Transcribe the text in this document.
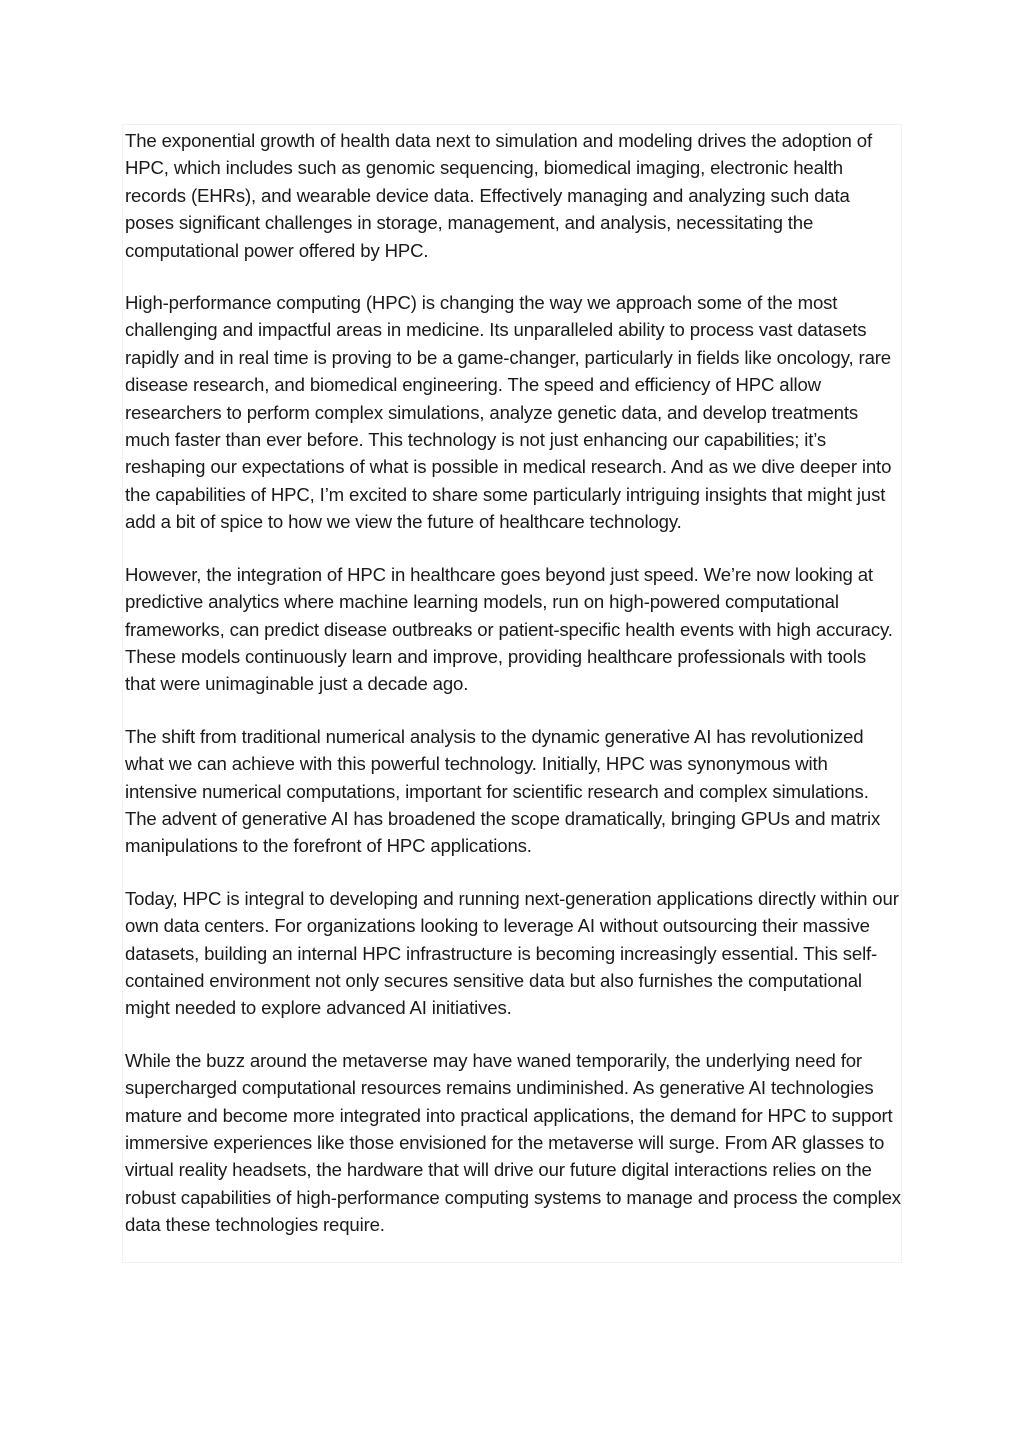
The exponential growth of health data next to simulation and modeling drives the adoption of HPC, which includes such as genomic sequencing, biomedical imaging, electronic health records (EHRs), and wearable device data. Effectively managing and analyzing such data poses significant challenges in storage, management, and analysis, necessitating the computational power offered by HPC.

High-performance computing (HPC) is changing the way we approach some of the most challenging and impactful areas in medicine. Its unparalleled ability to process vast datasets rapidly and in real time is proving to be a game-changer, particularly in fields like oncology, rare disease research, and biomedical engineering. The speed and efficiency of HPC allow researchers to perform complex simulations, analyze genetic data, and develop treatments much faster than ever before. This technology is not just enhancing our capabilities; it’s reshaping our expectations of what is possible in medical research. And as we dive deeper into the capabilities of HPC, I’m excited to share some particularly intriguing insights that might just add a bit of spice to how we view the future of healthcare technology.

However, the integration of HPC in healthcare goes beyond just speed. We’re now looking at predictive analytics where machine learning models, run on high-powered computational frameworks, can predict disease outbreaks or patient-specific health events with high accuracy. These models continuously learn and improve, providing healthcare professionals with tools that were unimaginable just a decade ago.

The shift from traditional numerical analysis to the dynamic generative AI has revolutionized what we can achieve with this powerful technology. Initially, HPC was synonymous with intensive numerical computations, important for scientific research and complex simulations. The advent of generative AI has broadened the scope dramatically, bringing GPUs and matrix manipulations to the forefront of HPC applications.

Today, HPC is integral to developing and running next-generation applications directly within our own data centers. For organizations looking to leverage AI without outsourcing their massive datasets, building an internal HPC infrastructure is becoming increasingly essential. This self-contained environment not only secures sensitive data but also furnishes the computational might needed to explore advanced AI initiatives.

While the buzz around the metaverse may have waned temporarily, the underlying need for supercharged computational resources remains undiminished. As generative AI technologies mature and become more integrated into practical applications, the demand for HPC to support immersive experiences like those envisioned for the metaverse will surge. From AR glasses to virtual reality headsets, the hardware that will drive our future digital interactions relies on the robust capabilities of high-performance computing systems to manage and process the complex data these technologies require.
